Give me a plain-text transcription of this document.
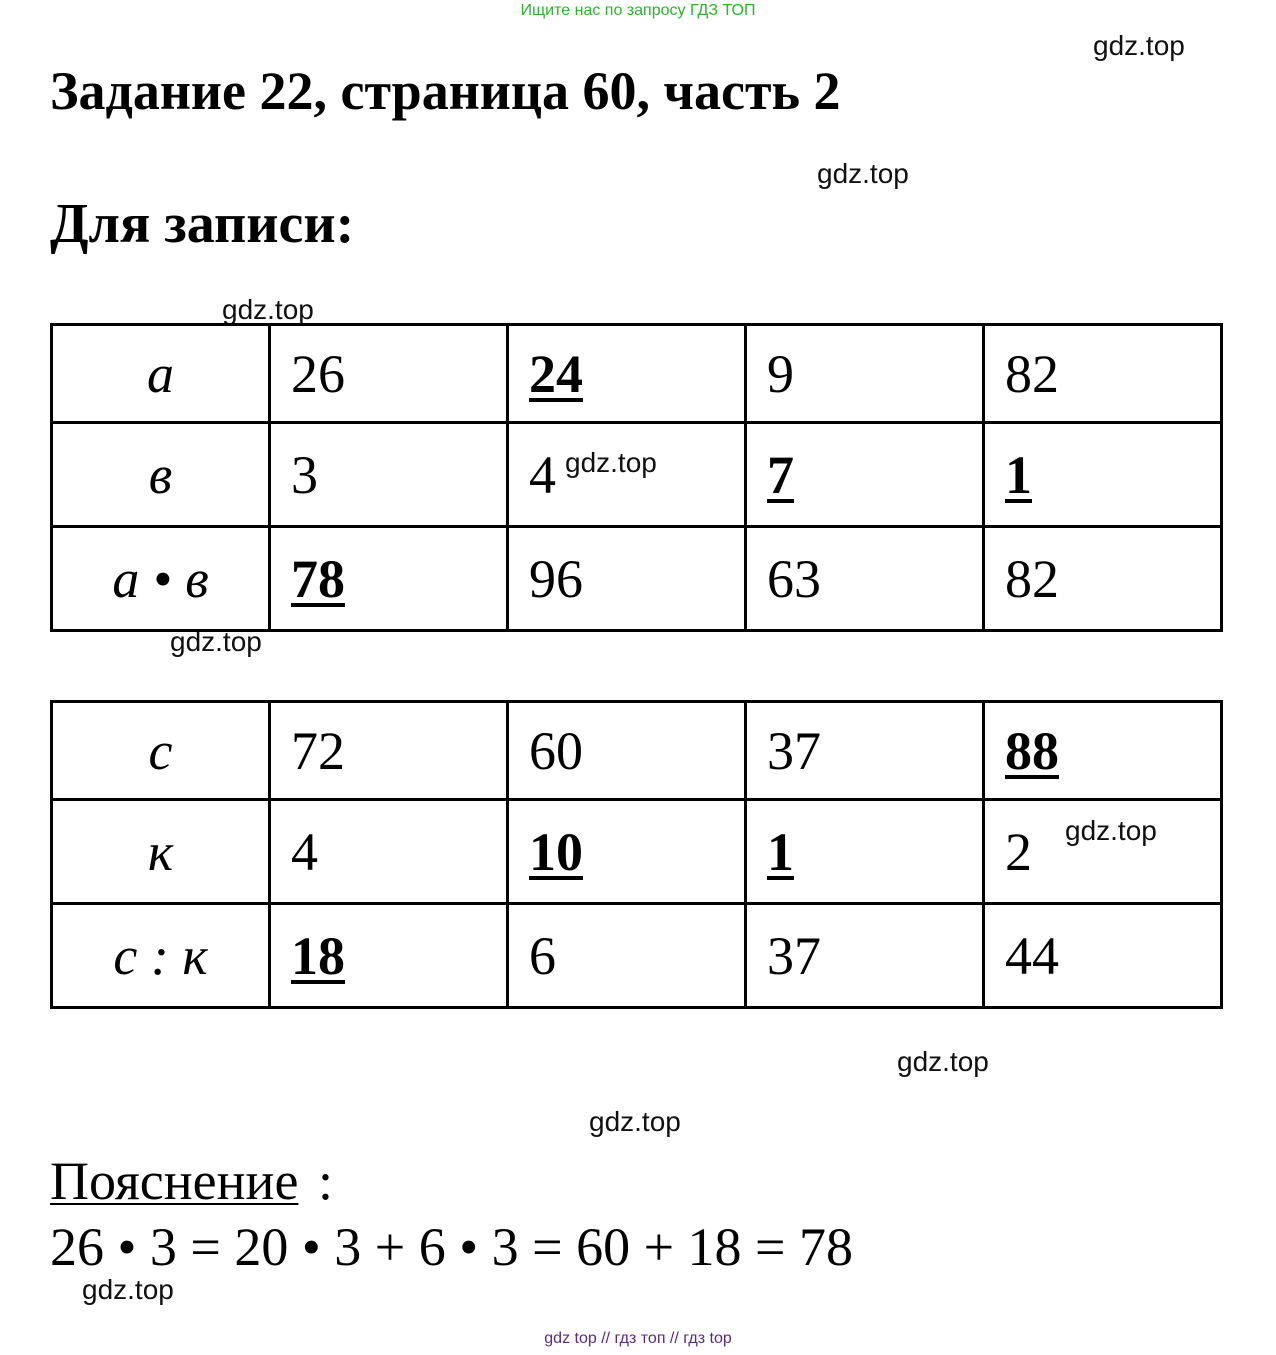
Ищите нас по запросу ГДЗ ТОП
gdz.top
gdz.top
gdz.top
gdz.top
gdz.top
gdz.top
gdz.top
gdz.top
gdz.top
Задание 22, страница 60, часть 2
Для записи:
а	26	24	9	82
в	3	4	7	1
а • в	78	96	63	82
с	72	60	37	88
к	4	10	1	2
с : к	18	6	37	44
Пояснение :
26 • 3 = 20 • 3 + 6 • 3 = 60 + 18 = 78
gdz top // гдз топ // гдз top
